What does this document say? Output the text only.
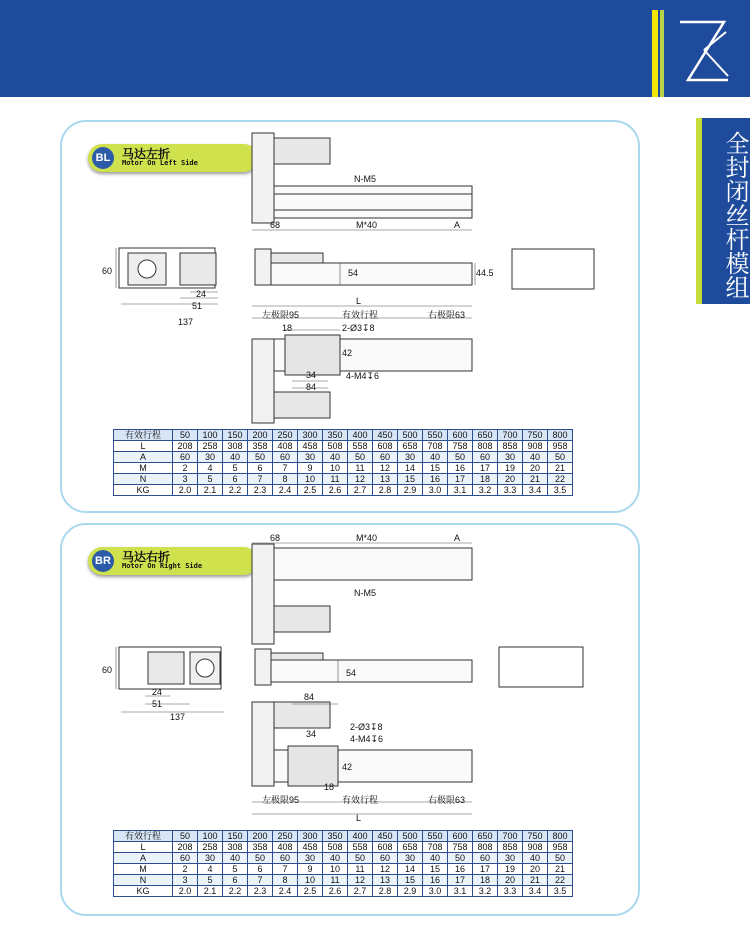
全封闭丝杆模组
BL 马达左折
Motor On Left Side
N-M5
68	M*40	A
60	54	44.5
24
51
137
L
左极限95	有效行程	右极限63
18	2-Ø3↧8
42
34	4-M4↧6
84
有效行程	50	100	150	200	250	300	350	400	450	500	550	600	650	700	750	800
L	208	258	308	358	408	458	508	558	608	658	708	758	808	858	908	958
A	60	30	40	50	60	30	40	50	60	30	40	50	60	30	40	50
M	2	4	5	6	7	9	10	11	12	14	15	16	17	19	20	21
N	3	5	6	7	8	10	11	12	13	15	16	17	18	20	21	22
KG	2.0	2.1	2.2	2.3	2.4	2.5	2.6	2.7	2.8	2.9	3.0	3.1	3.2	3.3	3.4	3.5
BR 马达右折
Motor On Right Side
68	M*40	A
N-M5
60	54
24
51
137
84
2-Ø3↧8
34	4-M4↧6
42
18
左极限95	有效行程	右极限63
L
有效行程	50	100	150	200	250	300	350	400	450	500	550	600	650	700	750	800
L	208	258	308	358	408	458	508	558	608	658	708	758	808	858	908	958
A	60	30	40	50	60	30	40	50	60	30	40	50	60	30	40	50
M	2	4	5	6	7	9	10	11	12	14	15	16	17	19	20	21
N	3	5	6	7	8	10	11	12	13	15	16	17	18	20	21	22
KG	2.0	2.1	2.2	2.3	2.4	2.5	2.6	2.7	2.8	2.9	3.0	3.1	3.2	3.3	3.4	3.5
